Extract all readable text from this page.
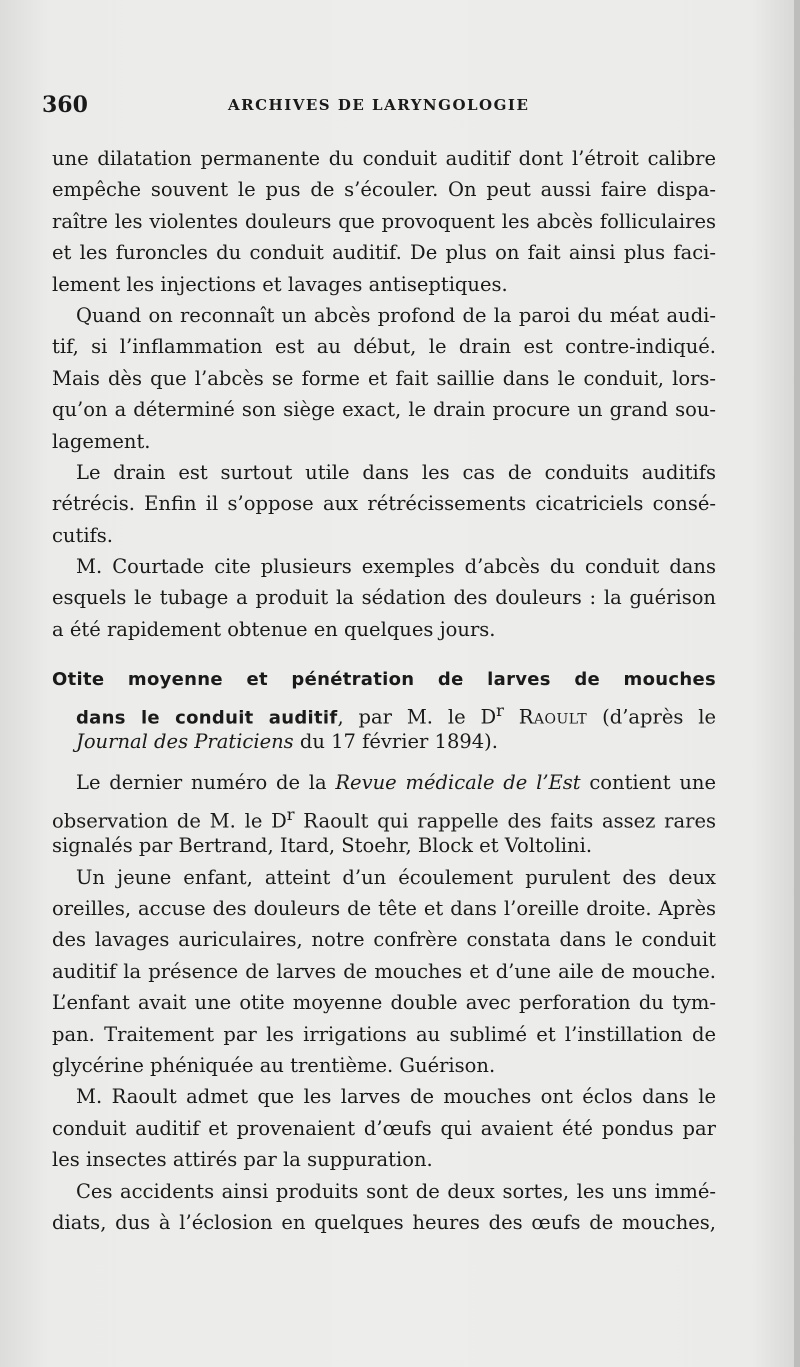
360	ARCHIVES DE LARYNGOLOGIE
une dilatation permanente du conduit auditif dont l’étroit calibre
empêche souvent le pus de s’écouler. On peut aussi faire dispa-
raître les violentes douleurs que provoquent les abcès folliculaires
et les furoncles du conduit auditif. De plus on fait ainsi plus faci-
lement les injections et lavages antiseptiques.
Quand on reconnaît un abcès profond de la paroi du méat audi-
tif, si l’inflammation est au début, le drain est contre-indiqué.
Mais dès que l’abcès se forme et fait saillie dans le conduit, lors-
qu’on a déterminé son siège exact, le drain procure un grand sou-
lagement.
Le drain est surtout utile dans les cas de conduits auditifs
rétrécis. Enfin il s’oppose aux rétrécissements cicatriciels consé-
cutifs.
M. Courtade cite plusieurs exemples d’abcès du conduit dans
esquels le tubage a produit la sédation des douleurs : la guérison
a été rapidement obtenue en quelques jours.
Otite moyenne et pénétration de larves de mouches
dans le conduit auditif, par M. le $D^r$ Raoult (d’après le
Journal des Praticiens du 17 février 1894).
Le dernier numéro de la Revue médicale de l’Est contient une
observation de M. le $D^r$ Raoult qui rappelle des faits assez rares
signalés par Bertrand, Itard, Stoehr, Block et Voltolini.
Un jeune enfant, atteint d’un écoulement purulent des deux
oreilles, accuse des douleurs de tête et dans l’oreille droite. Après
des lavages auriculaires, notre confrère constata dans le conduit
auditif la présence de larves de mouches et d’une aile de mouche.
L’enfant avait une otite moyenne double avec perforation du tym-
pan. Traitement par les irrigations au sublimé et l’instillation de
glycérine phéniquée au trentième. Guérison.
M. Raoult admet que les larves de mouches ont éclos dans le
conduit auditif et provenaient d’œufs qui avaient été pondus par
les insectes attirés par la suppuration.
Ces accidents ainsi produits sont de deux sortes, les uns immé-
diats, dus à l’éclosion en quelques heures des œufs de mouches,
